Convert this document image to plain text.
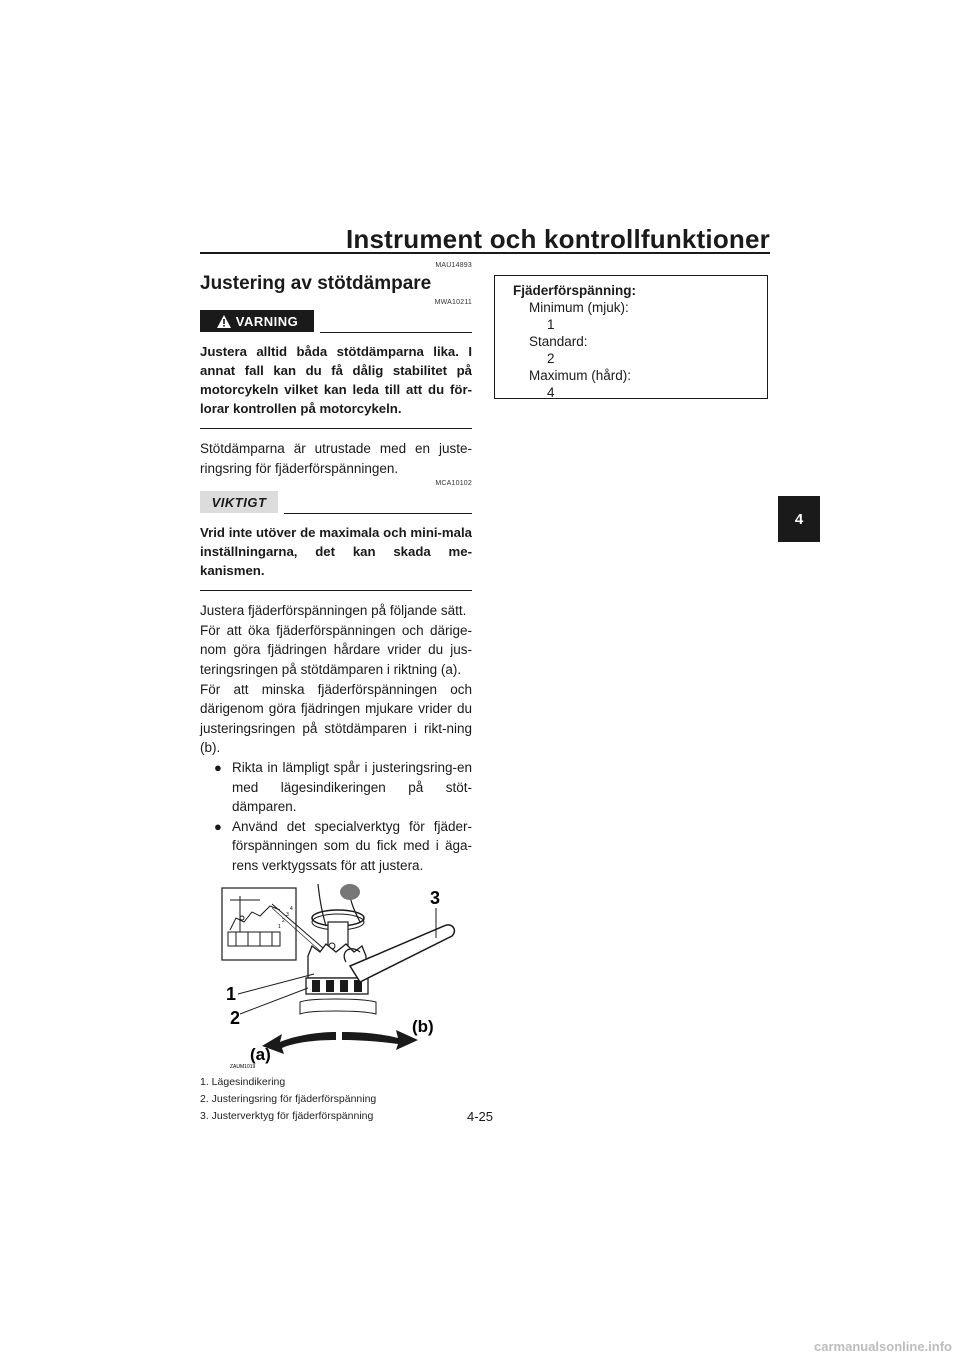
Instrument och kontrollfunktioner
4
MAU14893
Justering av stötdämpare
MWA10211
VARNING
Justera alltid båda stötdämparna lika. I annat fall kan du få dålig stabilitet på motorcykeln vilket kan leda till att du för-lorar kontrollen på motorcykeln.

Stötdämparna är utrustade med en juste-ringsring för fjäderförspänningen.

MCA10102
VIKTIGT
Vrid inte utöver de maximala och mini-mala inställningarna, det kan skada me-kanismen.

Justera fjäderförspänningen på följande sätt.

För att öka fjäderförspänningen och därige-nom göra fjädringen hårdare vrider du jus-teringsringen på stötdämparen i riktning (a).

För att minska fjäderförspänningen och därigenom göra fjädringen mjukare vrider du justeringsringen på stötdämparen i rikt-ning (b).

● Rikta in lämpligt spår i justeringsring-en med lägesindikeringen på stöt-dämparen.
● Använd det specialverktyg för fjäder-förspänningen som du fick med i äga-rens verktygssats för att justera.
1
2
3
4
1
2
3
(a)
(b)
ZAUM1019
1. Lägesindikering
2. Justeringsring för fjäderförspänning
3. Justerverktyg för fjäderförspänning
Fjäderförspänning:
Minimum (mjuk):
1
Standard:
2
Maximum (hård):
4
4-25
carmanualsonline.info
